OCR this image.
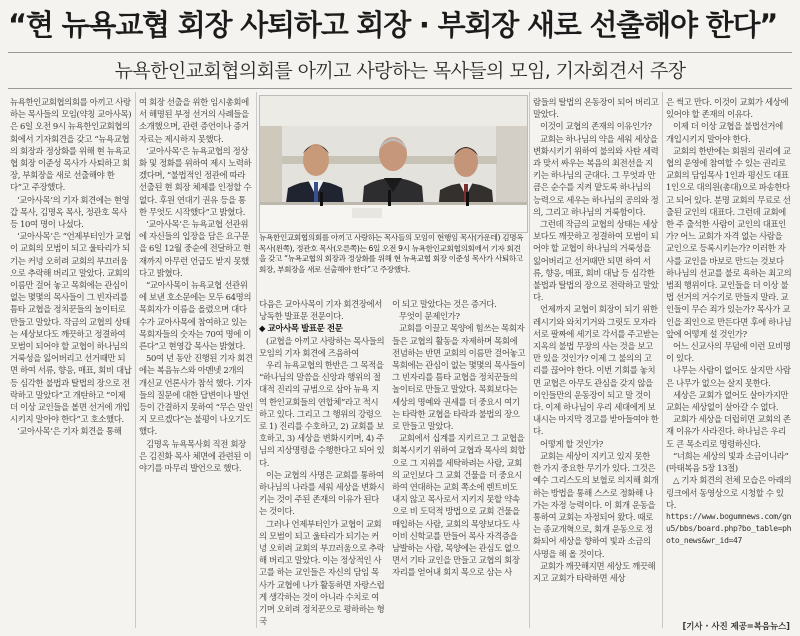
“현 뉴욕교협 회장 사퇴하고 회장 · 부회장 새로 선출해야 한다”
뉴욕한인교회협의회를 아끼고 사랑하는 목사들의 모임, 기자회견서 주장

뉴욕한인교회협의회를 아끼고 사랑하는 목사들의 모임(약칭 교아사목)은 6일 오전 9시 뉴욕한인교회협의회에서 기자회견을 갖고 “뉴욕교협의 회장과 정상화를 위해 현 뉴욕교협 회장 이준성 목사가 사퇴하고 회장, 부회장을 새로 선출해야 한다”고 주장했다.

‘교아사목’의 기자 회견에는 현영갑 목사, 김명옥 목사, 정관호 목사 등 10여 명이 나섰다.

‘교아사목’은 “언제부터인가 교협이 교회의 모범이 되고 울타리가 되기는 커녕 오히려 교회의 부끄러움으로 추락해 버리고 말았다. 교회의 이름만 걸어 놓고 목회에는 관심이 없는 몇몇의 목사들이 그 빈자리를 틈타 교협을 정치꾼들의 놀이터로 만들고 말았다. 작금의 교협의 상태는 세상보다도 깨끗하고 정결하여 모범이 되어야 할 교협이 하나님의 거룩성을 잃어버리고 선거때만 되면 하여 서류, 향응, 매표, 회비 대납 등 심각한 불법과 탈법의 장으로 전락하고 말았다”고 개탄하고 “이제 더 이상 교인들을 볼면 선거에 개입시키지 말아야 한다”고 호소했다.

‘교아사목’은 기자 회견을 통해

여 회장 선출을 위한 임시총회에서 해명된 부정 선거의 사례들을 소개했으며, 관련 증언이나 증거 자료는 제시하지 못했다.

‘교아사목’은 뉴욕교협의 정상화 및 정화를 위하여 제시 노력하겠다며, “불법적인 정관에 따라 선출된 현 회장 체제를 인정할 수 없다. 후원 연대기 권유 등을 통한 무엇도 시작했다”고 밝혔다.

‘교아사목’은 뉴욕교협 선관위에 자신들의 입장을 담은 요구문을 6일 12월 중순에 전달하고 현재까지 아무런 언급도 받지 못했다고 밝혔다.

“교아사목이 뉴욕교협 선관위에 보낸 호소문에는 모두 64명의 목회자가 이름을 올렸으며 대다수가 교아사목에 참여하고 있는 목회자들의 숫자는 70여 명에 이른다”고 현영갑 목사는 밝혔다.

50여 년 동안 진행된 기자 회견에는 복음뉴스와 아멘넷 2개의 개신교 언론사가 참석 했다. 기자들의 질문에 대한 답변이나 발언 등이 간결하지 못하여 “무슨 말인지 모르겠다”는 불평이 나오기도 했다.

김명옥 뉴욕목사회 직전 회장은 김진화 목사 체면에 관련된 이야기를 마무리 발언으로 했다.

뉴욕한인교회협의회를 아끼고 사랑하는 목사들의 모임이 현행임 목사(가운데) 김명옥 목사(왼쪽), 정관호 목사(오른쪽)는 6일 오전 9시 뉴욕한인교회협의회에서 기자 회견을 갖고 “뉴욕교협의 회장과 정상화를 위해 현 뉴욕교협 회장 이준성 목사가 사퇴하고 회장, 부회장을 새로 선출해야 한다”고 주장했다.

다음은 교아사목이 기자 회견장에서 낭독한 발표문 전문이다.

◆ 교아사목 발표문 전문

(교협을 아끼고 사랑하는 목사들의 모임의 기자 회견에 즈음하여

우리 뉴욕교협의 한반은 그 목적을 “하나님의 말씀을 신앙과 행위의 절대적 진리의 규범으로 삼아 뉴욕 지역 한인교회들의 연합체”라고 적시하고 있다. 그리고 그 행위의 강령으로 1) 진리를 수호하고, 2) 교회를 보호하고, 3) 세상을 변화시키며, 4) 주님의 지상명령을 수행한다고 되어 있다.

이는 교협의 사명은 교회를 통하여 하나님의 나라를 세워 세상을 변화시키는 것이 주된 존재의 이유가 된다는 것이다.

그러나 언제부터인가 교협이 교회의 모범이 되고 울타리가 되기는 커녕 오히려 교회의 부끄러움으로 추락해 버리고 말았다. 이는 정상적인 사고를 하는 교인들은 자신의 담임 목사가 교협에 나가 활동하면 자랑스럽게 생각하는 것이 아니라 수치로 여기며 오히려 정치꾼으로 평하하는 형국

이 되고 말았다는 것은 증거다.

무엇이 문제인가?

교회를 이끌고 목양에 힘쓰는 목회자들은 교협의 활동을 자제하며 목회에 전념하는 반면 교회의 이름만 걸어놓고 목회에는 관심이 없는 몇몇의 목사들이 그 빈자리를 틈타 교협을 정치꾼들의 놀이터로 만들고 말았다. 목회보다는 세상의 명예와 권세를 더 중요시 여기는 타락한 교협을 타락과 불법의 장으로 만들고 말았다.

교회에서 십계를 지키르고 그 교협을 회복시키기 위하여 교협과 목사의 회합으로 그 지위를 세탁하려는 사람, 교회의 교인보다 그 교회 건물을 더 중요시하여 연대하는 교회 쪽소에 렌트비도 내지 않고 목사로서 지키지 못할 약속으로 비 도덕적 방법으로 교회 건물을 매입하는 사람, 교회의 목양보다도 사이비 신학교를 만들어 목사 자격증을 남발하는 사람, 목양에는 관심도 없으면서 기타 교인을 만들고 교협의 회장 자리를 얻어내 회지 목으로 삼는 사

람들의 탈법의 온동장이 되어 버리고 말았다.

이것이 교협의 존재의 이유인가?

교회는 하나님의 약을 세워 세상을 변화시키기 위하여 불의와 사탄 세력과 맞서 싸우는 복음의 최전선을 지키는 하나님의 군대다. 그 무엇과 만큼은 순수를 지켜 맡도록 하나님의 능력으로 세우는 하나님의 공의와 정의, 그리고 하나님의 거룩함이다.

그런데 작금의 교협의 상태는 세상보다도 깨끗하고 정결하여 모범이 되어야 할 교협이 하나님의 거룩성을 잃어버리고 선거때만 되면 하여 서류, 향응, 매표, 회비 대납 등 심각한 불법과 탈법의 장으로 전락하고 말았다.

언제까지 교협이 회장이 되기 위한 레시기와 와치기거와 그릿도 모자라 서로 팔짜에 세기로 각서를 주고받는 지옥의 불법 무장의 사는 것을 보고만 있을 것인가? 이제 그 불의의 고리를 끊어야 한다. 이번 기회를 놓치면 교협은 아무도 관심을 갖지 않을 이인들만의 운동장이 되고 말 것이다. 이제 하나님이 우리 세대에게 보내시는 마지막 경고를 받아들여야 한다.

어떻게 할 것인가?

교회는 세상이 지키고 있지 못한 한 가지 중요한 무기가 있다. 그것은 예수 그리스도의 보혈로 의지해 회개하는 방법을 통해 스스로 정화해 나가는 자정 능력이다. 이 회개 운동을 통하여 교회는 자정되어 왔다. 때로는 종교개혁으로, 회개 운동으로 정화되어 세상을 향하여 빛과 소금의 사명을 해 올 것이다.

교회가 깨끗해지면 세상도 깨끗해지고 교회가 타락하면 세상

은 썩고 만다. 이것이 교회가 세상에 있어야 할 존재의 이유다.

이제 더 이상 교협을 불법선거에 개입시키지 말아야 한다.

교회의 한반에는 회원의 권리에 교협의 운영에 참여할 수 있는 권리로 교회의 담임목사 1인과 평신도 대표 1인으로 대의원(총대)으로 파송한다고 되어 있다. 분명 교회의 무료로 선출된 교인의 대표다. 그런데 교회에 한 주 출석한 사람이 교인의 대표인가? 어느 교회가 자격 없는 사람을 교인으로 등록시키는가? 이러한 자사를 교인을 바보로 만드는 것보다 하나님의 선교를 불로 욕하는 최고의 범죄 행위이다. 교인들을 더 이상 불법 선거의 거수기로 만들지 말라. 교인들이 무슨 죄가 있는가? 목사가 교인을 죄인으로 만든다면 후에 하나님 앞에 어떻게 설 것인가?

어느 신교사의 무덤에 이런 묘비명이 있다.

나무는 사람이 없어도 살지만 사람은 나무가 없으는 살지 못한다.

세상은 교회가 없어도 살아가지만 교회는 세상없이 살아갈 수 없다.

교회가 세상을 더럽히면 교회의 존재 이유가 사라진다. 하나님은 우리도 큰 목소리로 명령하신다.

“너희는 세상의 빛과 소금이니라” (마태복음 5장 13절)

△ 기자 회견의 전체 모습은 아래의 링크에서 동영상으로 시청할 수 있다.

https://www.bogumnews.com/gnu5/bbs/board.php?bo_table=photo_news&wr_id=47

[기사 · 사진 제공=복음뉴스]
